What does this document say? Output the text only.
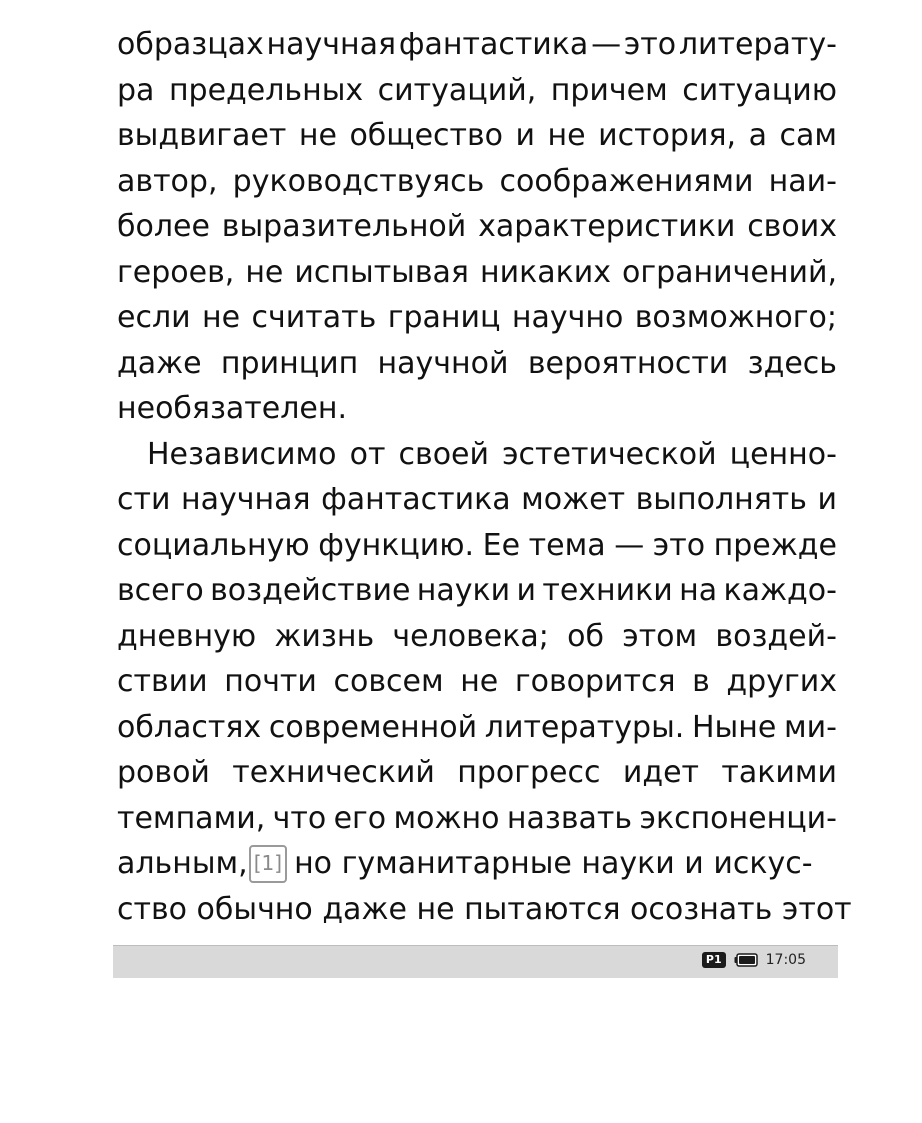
образцах научная фантастика — это литерату-
ра предельных ситуаций, причем ситуацию
выдвигает не общество и не история, а сам
автор, руководствуясь соображениями наи-
более выразительной характеристики своих
героев, не испытывая никаких ограничений,
если не считать границ научно возможного;
даже принцип научной вероятности здесь
необязателен.
Независимо от своей эстетической ценно-
сти научная фантастика может выполнять и
социальную функцию. Ее тема — это прежде
всего воздействие науки и техники на каждо-
дневную жизнь человека; об этом воздей-
ствии почти совсем не говорится в других
областях современной литературы. Ныне ми-
ровой технический прогресс идет такими
темпами, что его можно назвать экспоненци-
альным, [1] но гуманитарные науки и искус-
ство обычно даже не пытаются осознать этот
P1	17:05
